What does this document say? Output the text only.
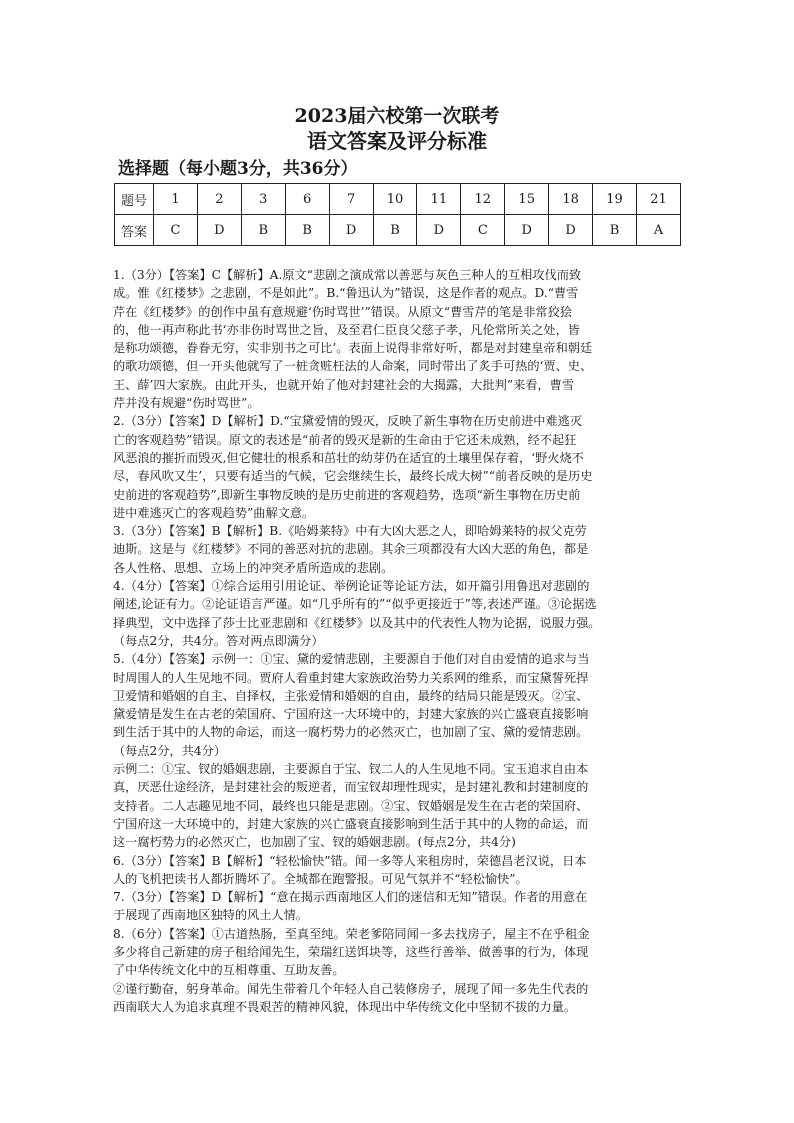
2023届六校第一次联考
语文答案及评分标准
选择题（每小题3分，共36分）
题号	1	2	3	6	7	10	11	12	15	18	19	21
答案	C	D	B	B	D	B	D	C	D	D	B	A
1.（3分）【答案】C【解析】A.原文“悲剧之演成常以善恶与灰色三种人的互相攻伐而致
成。惟《红楼梦》之悲剧，不是如此”。B.“鲁迅认为”错误，这是作者的观点。D.“曹雪
芹在《红楼梦》的创作中虽有意规避‘伤时骂世’”错误。从原文“曹雪芹的笔是非常狡狯
的，他一再声称此书‘亦非伤时骂世之旨，及至君仁臣良父慈子孝，凡伦常所关之处，皆
是称功颂德，眷眷无穷，实非别书之可比’。表面上说得非常好听，都是对封建皇帝和朝廷
的歌功颂德，但一开头他就写了一桩贪赃枉法的人命案，同时带出了炙手可热的‘贾、史、
王、薛’四大家族。由此开头，也就开始了他对封建社会的大揭露，大批判”来看，曹雪
芹并没有规避“伤时骂世”。
2.（3分）【答案】D【解析】D.“宝黛爱情的毁灭，反映了新生事物在历史前进中难逃灭
亡的客观趋势”错误。原文的表述是“前者的毁灭是新的生命由于它还未成熟，经不起狂
风恶浪的摧折而毁灭,但它健壮的根系和茁壮的幼芽仍在适宜的土壤里保存着，‘野火烧不
尽，春风吹又生’，只要有适当的气候，它会继续生长，最终长成大树”“前者反映的是历史
史前进的客观趋势”,即新生事物反映的是历史前进的客观趋势，选项“新生事物在历史前
进中难逃灭亡的客观趋势”曲解文意。
3.（3分）【答案】B【解析】B.《哈姆莱特》中有大凶大恶之人，即哈姆莱特的叔父克劳
迪斯。这是与《红楼梦》不同的善恶对抗的悲剧。其余三项都没有大凶大恶的角色，都是
各人性格、思想、立场上的冲突矛盾所造成的悲剧。
4.（4分）【答案】①综合运用引用论证、举例论证等论证方法，如开篇引用鲁迅对悲剧的
阐述,论证有力。②论证语言严谨。如“几乎所有的”“似乎更接近于”等,表述严谨。③论据选
择典型，文中选择了莎士比亚悲剧和《红楼梦》以及其中的代表性人物为论据，说服力强。
（每点2分，共4分。答对两点即满分）
5.（4分）【答案】示例一：①宝、黛的爱情悲剧，主要源自于他们对自由爱情的追求与当
时周围人的人生见地不同。贾府人看重封建大家族政治势力关系网的维系，而宝黛誓死捍
卫爱情和婚姻的自主、自择权，主张爱情和婚姻的自由，最终的结局只能是毁灭。②宝、
黛爱情是发生在古老的荣国府、宁国府这一大环境中的，封建大家族的兴亡盛衰直接影响
到生活于其中的人物的命运，而这一腐朽势力的必然灭亡，也加剧了宝、黛的爱情悲剧。
（每点2分，共4分）
示例二：①宝、钗的婚姻悲剧，主要源自于宝、钗二人的人生见地不同。宝玉追求自由本
真，厌恶仕途经济，是封建社会的叛逆者，而宝钗却理性现实，是封建礼教和封建制度的
支持者。二人志趣见地不同，最终也只能是悲剧。②宝、钗婚姻是发生在古老的荣国府、
宁国府这一大环境中的，封建大家族的兴亡盛衰直接影响到生活于其中的人物的命运，而
这一腐朽势力的必然灭亡，也加剧了宝、钗的婚姻悲剧。(每点2分，共4分)
6.（3分）【答案】B【解析】“轻松愉快”错。闻一多等人来租房时，荣德昌老汉说，日本
人的飞机把读书人都折腾坏了。全城都在跑警报。可见气氛并不“轻松愉快”。
7.（3分）【答案】D【解析】“意在揭示西南地区人们的迷信和无知”错误。作者的用意在
于展现了西南地区独特的风土人情。
8.（6分）【答案】①古道热肠，至真至纯。荣老爹陪同闻一多去找房子，屋主不在乎租金
多少将自己新建的房子租给闻先生，荣瑞红送饵块等，这些行善举、做善事的行为，体现
了中华传统文化中的互相尊重、互助友善。
②谨行勤奋，躬身革命。闻先生带着几个年轻人自己装修房子，展现了闻一多先生代表的
西南联大人为追求真理不畏艰苦的精神风貌，体现出中华传统文化中坚韧不拔的力量。
